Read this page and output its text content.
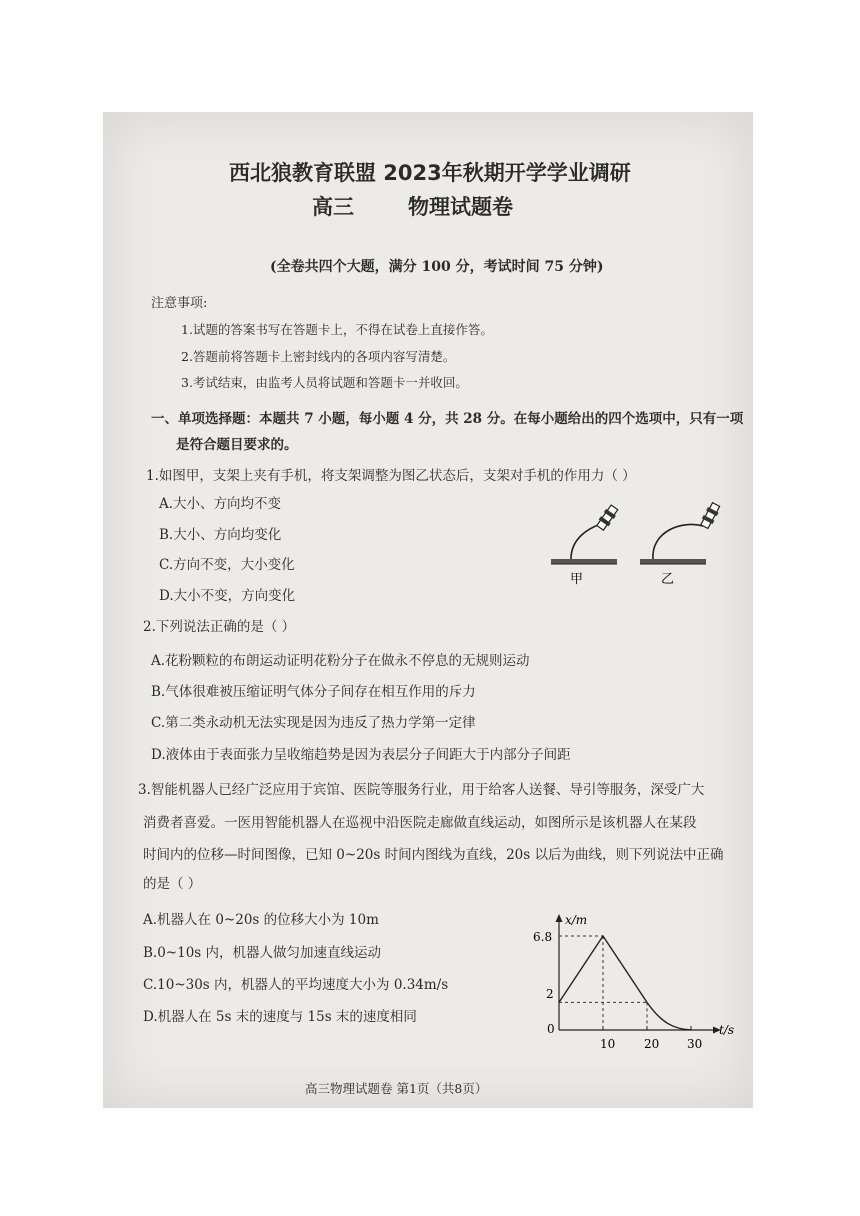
西北狼教育联盟 2023年秋期开学学业调研
高三	物理试题卷
(全卷共四个大题，满分 100 分，考试时间 75 分钟)
注意事项:
1.试题的答案书写在答题卡上，不得在试卷上直接作答。
2.答题前将答题卡上密封线内的各项内容写清楚。
3.考试结束，由监考人员将试题和答题卡一并收回。
一、单项选择题：本题共 7 小题，每小题 4 分，共 28 分。在每小题给出的四个选项中，只有一项
是符合题目要求的。
1.如图甲，支架上夹有手机，将支架调整为图乙状态后，支架对手机的作用力（ ）
A.大小、方向均不变
B.大小、方向均变化
C.方向不变，大小变化
D.大小不变，方向变化
甲	乙
2.下列说法正确的是（ ）
A.花粉颗粒的布朗运动证明花粉分子在做永不停息的无规则运动
B.气体很难被压缩证明气体分子间存在相互作用的斥力
C.第二类永动机无法实现是因为违反了热力学第一定律
D.液体由于表面张力呈收缩趋势是因为表层分子间距大于内部分子间距
3.智能机器人已经广泛应用于宾馆、医院等服务行业，用于给客人送餐、导引等服务，深受广大
消费者喜爱。一医用智能机器人在巡视中沿医院走廊做直线运动，如图所示是该机器人在某段
时间内的位移—时间图像，已知 0~20s 时间内图线为直线，20s 以后为曲线，则下列说法中正确
的是（ ）
A.机器人在 0~20s 的位移大小为 10m
B.0~10s 内，机器人做匀加速直线运动
C.10~30s 内，机器人的平均速度大小为 0.34m/s
D.机器人在 5s 末的速度与 15s 末的速度相同
x/m
t/s
0
2
6.8
10 20 30
高三物理试题卷 第1页（共8页）
